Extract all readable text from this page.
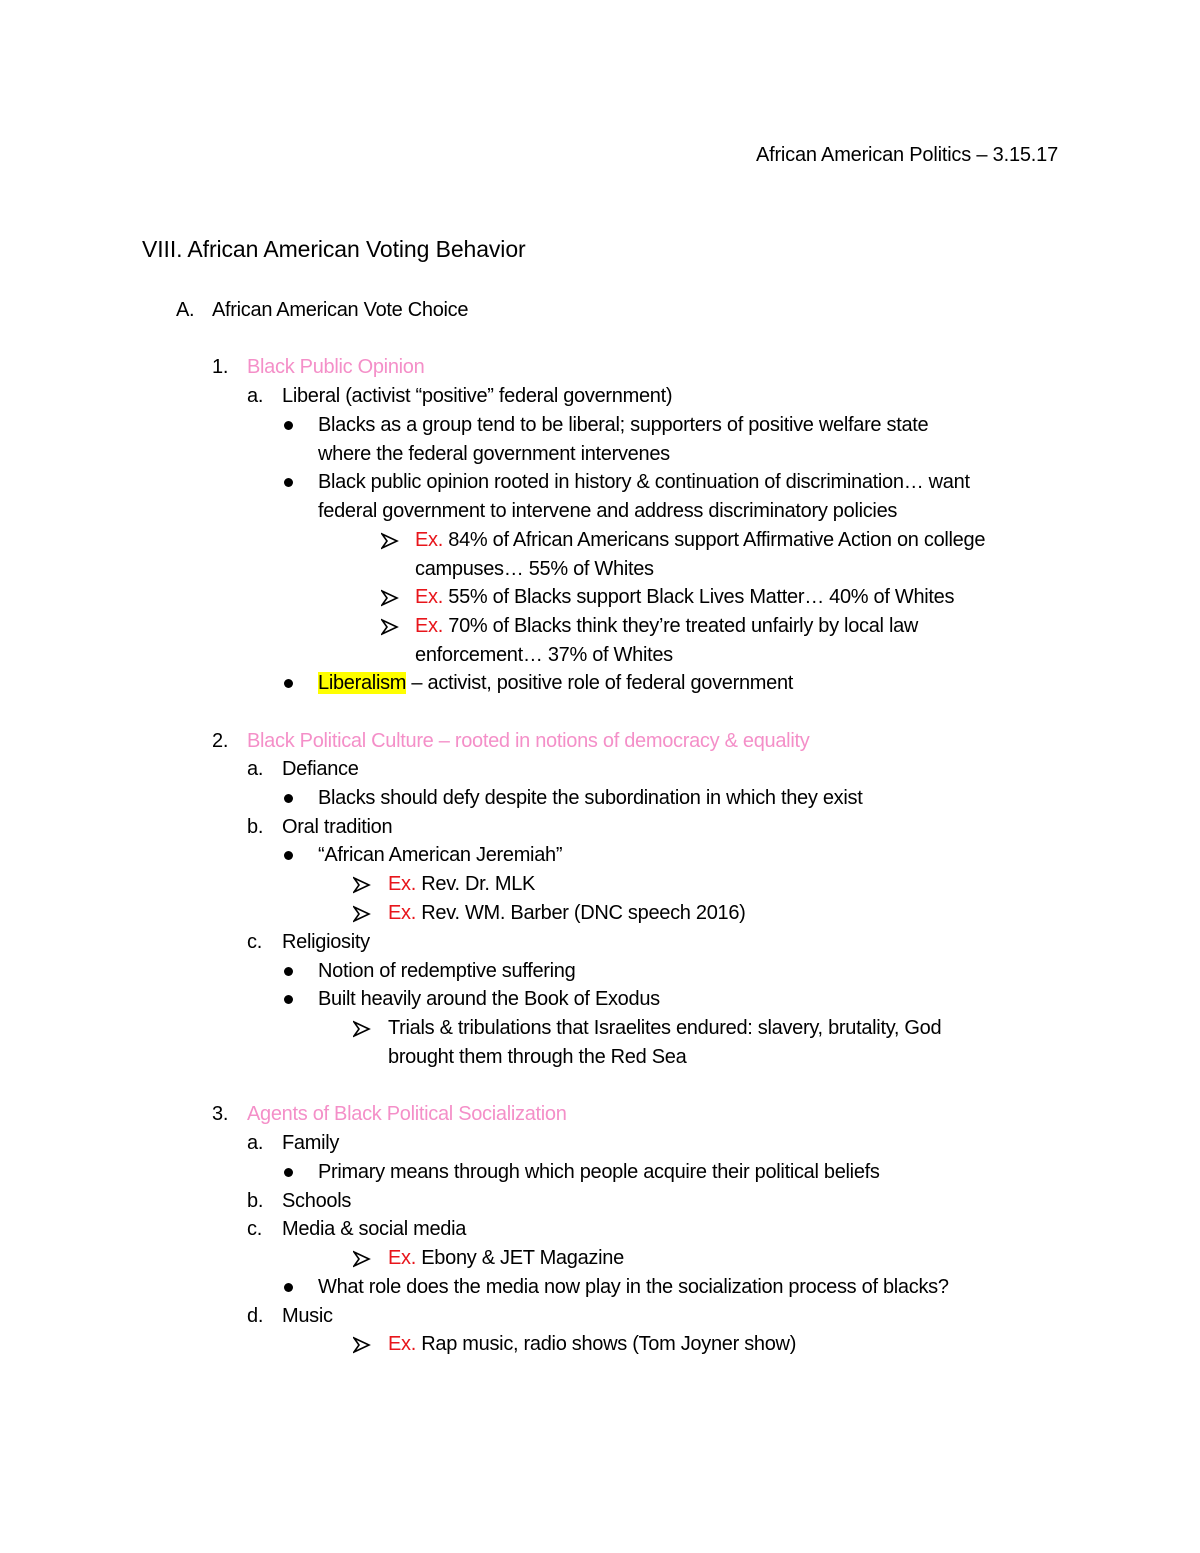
African American Politics – 3.15.17
VIII. African American Voting Behavior
A. African American Vote Choice
1. Black Public Opinion
a. Liberal (activist “positive” federal government)
Blacks as a group tend to be liberal; supporters of positive welfare state
where the federal government intervenes
Black public opinion rooted in history & continuation of discrimination… want
federal government to intervene and address discriminatory policies
Ex. 84% of African Americans support Affirmative Action on college
campuses… 55% of Whites
Ex. 55% of Blacks support Black Lives Matter… 40% of Whites
Ex. 70% of Blacks think they’re treated unfairly by local law
enforcement… 37% of Whites
Liberalism – activist, positive role of federal government
2. Black Political Culture – rooted in notions of democracy & equality
a. Defiance
Blacks should defy despite the subordination in which they exist
b. Oral tradition
“African American Jeremiah”
Ex. Rev. Dr. MLK
Ex. Rev. WM. Barber (DNC speech 2016)
c. Religiosity
Notion of redemptive suffering
Built heavily around the Book of Exodus
Trials & tribulations that Israelites endured: slavery, brutality, God
brought them through the Red Sea
3. Agents of Black Political Socialization
a. Family
Primary means through which people acquire their political beliefs
b. Schools
c. Media & social media
Ex. Ebony & JET Magazine
What role does the media now play in the socialization process of blacks?
d. Music
Ex. Rap music, radio shows (Tom Joyner show)
